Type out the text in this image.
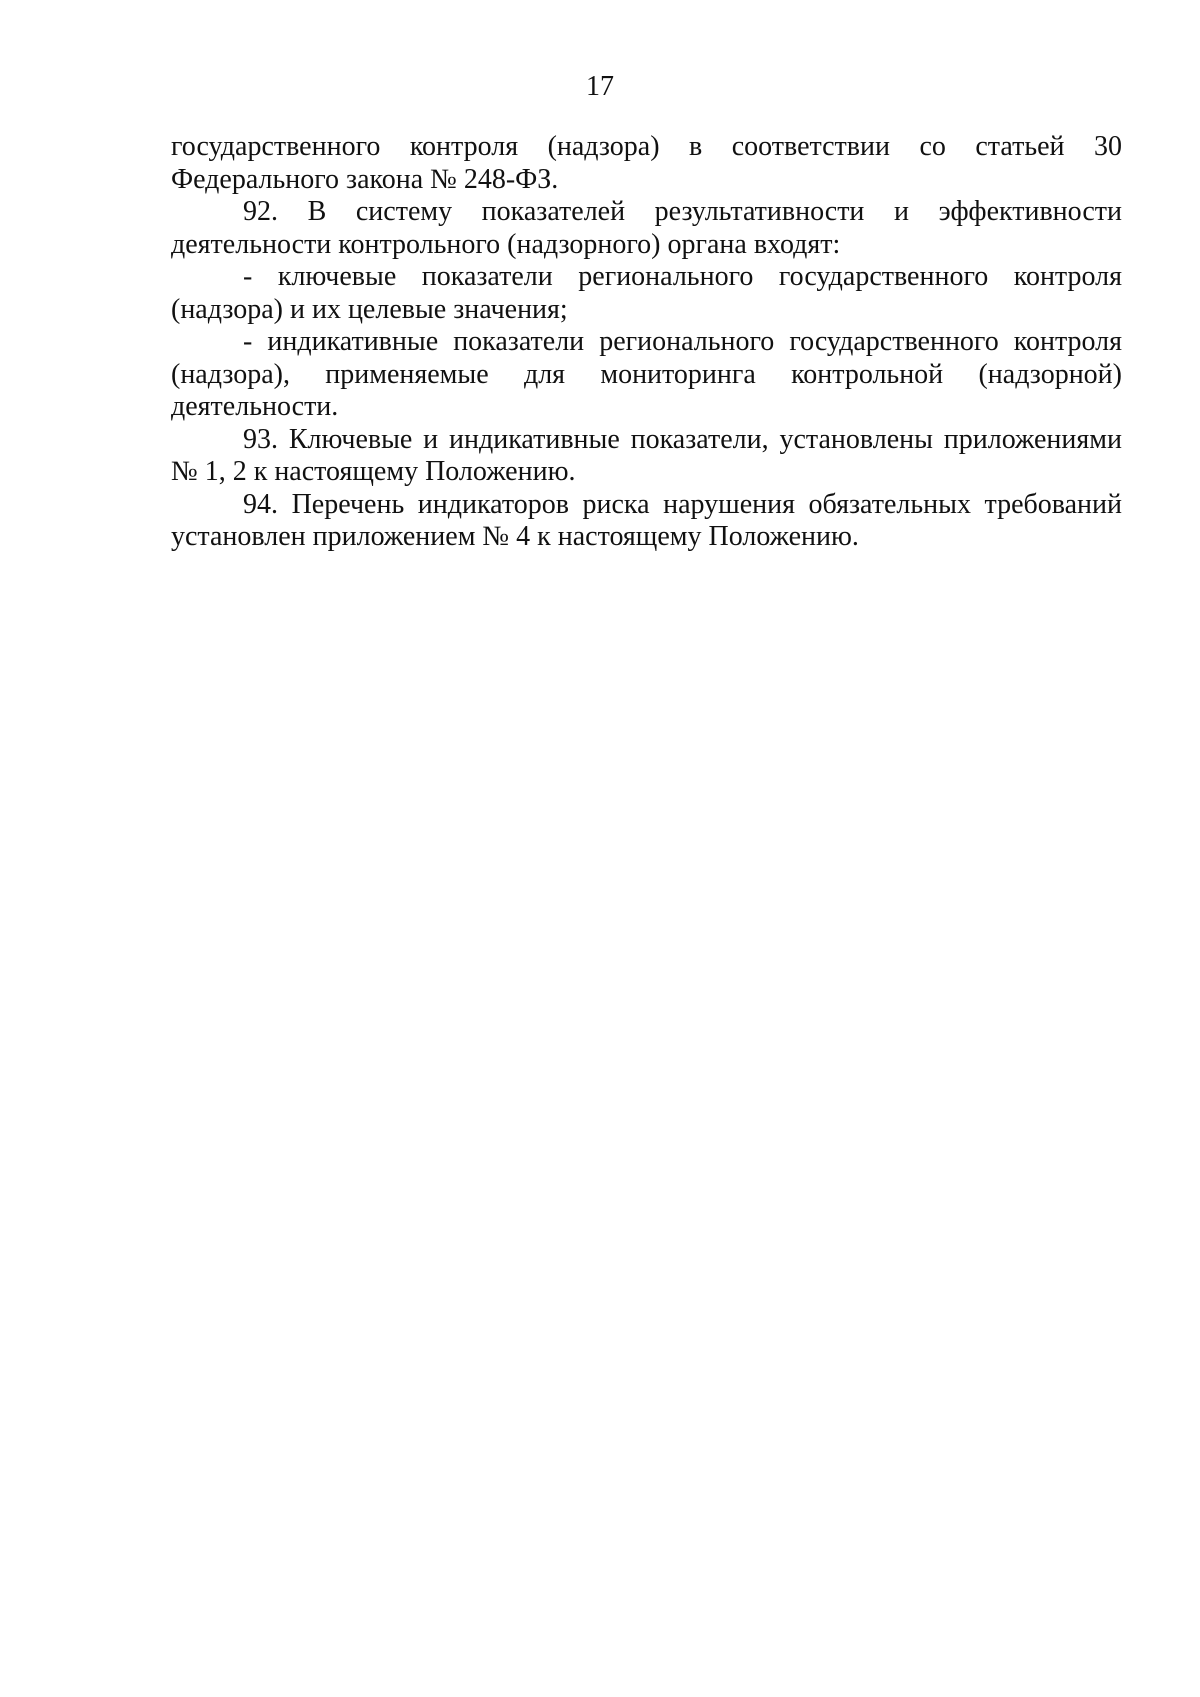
17

государственного контроля (надзора) в соответствии со статьей 30 Федерального закона № 248-ФЗ.

92. В систему показателей результативности и эффективности деятельности контрольного (надзорного) органа входят:

- ключевые показатели регионального государственного контроля (надзора) и их целевые значения;

- индикативные показатели регионального государственного контроля (надзора), применяемые для мониторинга контрольной (надзорной) деятельности.

93. Ключевые и индикативные показатели, установлены приложениями № 1, 2 к настоящему Положению.

94. Перечень индикаторов риска нарушения обязательных требований установлен приложением № 4 к настоящему Положению.
